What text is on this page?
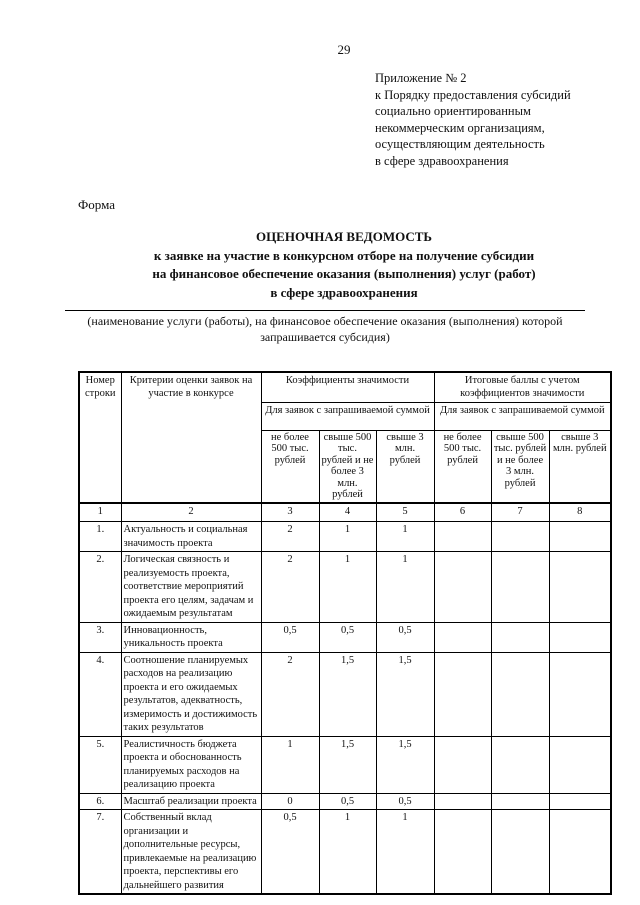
29
Приложение № 2
к Порядку предоставления субсидий
социально ориентированным
некоммерческим организациям,
осуществляющим деятельность
в сфере здравоохранения
Форма
ОЦЕНОЧНАЯ ВЕДОМОСТЬ
к заявке на участие в конкурсном отборе на получение субсидии
на финансовое обеспечение оказания (выполнения) услуг (работ)
в сфере здравоохранения
(наименование услуги (работы), на финансовое обеспечение оказания (выполнения) которой запрашивается субсидия)
Номер строки	Критерии оценки заявок на участие в конкурсе	Коэффициенты значимости			Итоговые баллы с учетом коэффициентов значимости		
		Для заявок с запрашиваемой суммой			Для заявок с запрашиваемой суммой		
		не более 500 тыс. рублей	свыше 500 тыс. рублей и не более 3 млн. рублей	свыше 3 млн. рублей	не более 500 тыс. рублей	свыше 500 тыс. рублей и не более 3 млн. рублей	свыше 3 млн. рублей
1	2	3	4	5	6	7	8
1.	Актуальность и социальная значимость проекта	2	1	1			
2.	Логическая связность и реализуемость проекта, соответствие мероприятий проекта его целям, задачам и ожидаемым результатам	2	1	1			
3.	Инновационность, уникальность проекта	0,5	0,5	0,5			
4.	Соотношение планируемых расходов на реализацию проекта и его ожидаемых результатов, адекватность, измеримость и достижимость таких результатов	2	1,5	1,5			
5.	Реалистичность бюджета проекта и обоснованность планируемых расходов на реализацию проекта	1	1,5	1,5			
6.	Масштаб реализации проекта	0	0,5	0,5			
7.	Собственный вклад организации и дополнительные ресурсы, привлекаемые на реализацию проекта, перспективы его дальнейшего развития	0,5	1	1			
